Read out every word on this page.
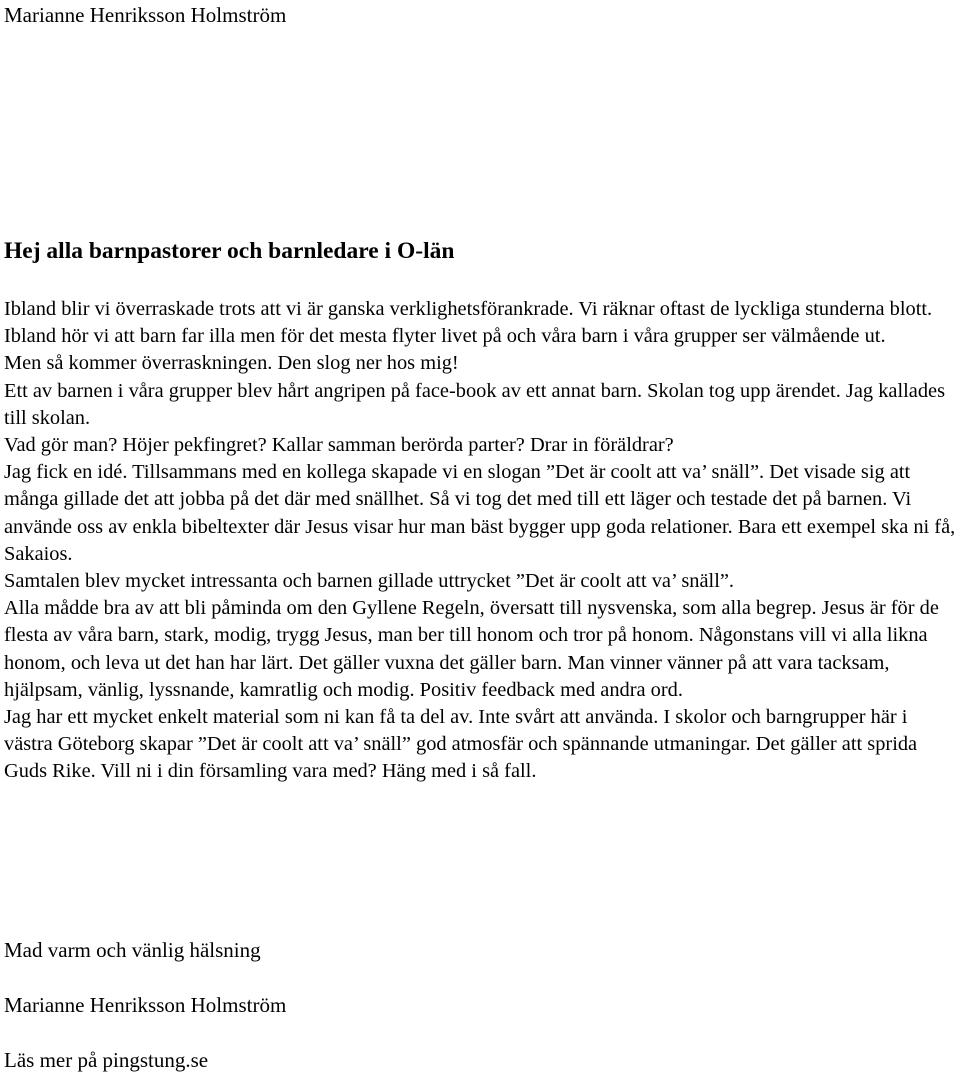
Marianne Henriksson Holmström
Hej alla barnpastorer och barnledare i O-län

Ibland blir vi överraskade trots att vi är ganska verklighetsförankrade. Vi räknar oftast de lyckliga stunderna blott.

Ibland hör vi att barn far illa men för det mesta flyter livet på och våra barn i våra grupper ser välmående ut.

Men så kommer överraskningen. Den slog ner hos mig!

Ett av barnen i våra grupper blev hårt angripen på face-book av ett annat barn. Skolan tog upp ärendet. Jag kallades till skolan.

Vad gör man? Höjer pekfingret? Kallar samman berörda parter? Drar in föräldrar?

Jag fick en idé. Tillsammans med en kollega skapade vi en slogan ”Det är coolt att va’ snäll”. Det visade sig att många gillade det att jobba på det där med snällhet. Så vi tog det med till ett läger och testade det på barnen. Vi använde oss av enkla bibeltexter där Jesus visar hur man bäst bygger upp goda relationer. Bara ett exempel ska ni få, Sakaios.

Samtalen blev mycket intressanta och barnen gillade uttrycket ”Det är coolt att va’ snäll”.

Alla mådde bra av att bli påminda om den Gyllene Regeln, översatt till nysvenska, som alla begrep. Jesus är för de flesta av våra barn, stark, modig, trygg Jesus, man ber till honom och tror på honom. Någonstans vill vi alla likna honom, och leva ut det han har lärt. Det gäller vuxna det gäller barn. Man vinner vänner på att vara tacksam, hjälpsam, vänlig, lyssnande, kamratlig och modig. Positiv feedback med andra ord.

Jag har ett mycket enkelt material som ni kan få ta del av. Inte svårt att använda. I skolor och barngrupper här i västra Göteborg skapar ”Det är coolt att va’ snäll” god atmosfär och spännande utmaningar. Det gäller att sprida Guds Rike. Vill ni i din församling vara med? Häng med i så fall.

Mad varm och vänlig hälsning
Marianne Henriksson Holmström
Läs mer på pingstung.se
